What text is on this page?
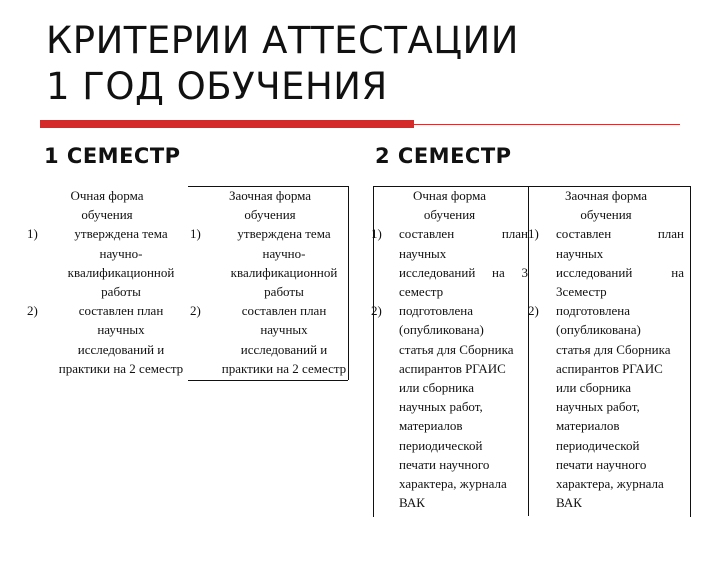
КРИТЕРИИ АТТЕСТАЦИИ
1 ГОД ОБУЧЕНИЯ
1 СЕМЕСТР	2 СЕМЕСТР
Очная форма
обучения
1)	утверждена тема
научно-
квалификационной
работы
2)	составлен план
научных
исследований и
практики на 2 семестр
Заочная форма
обучения
1)	утверждена тема
научно-
квалификационной
работы
2)	составлен план
научных
исследований и
практики на 2 семестр
Очная форма
обучения
1) составлен план
научных
исследований на 3
семестр
2) подготовлена
(опубликована)
статья для Сборника
аспирантов РГАИС
или сборника
научных работ,
материалов
периодической
печати научного
характера, журнала
ВАК
Заочная форма
обучения
1) составлен план
научных
исследований на
3семестр
2) подготовлена
(опубликована)
статья для Сборника
аспирантов РГАИС
или сборника
научных работ,
материалов
периодической
печати научного
характера, журнала
ВАК
